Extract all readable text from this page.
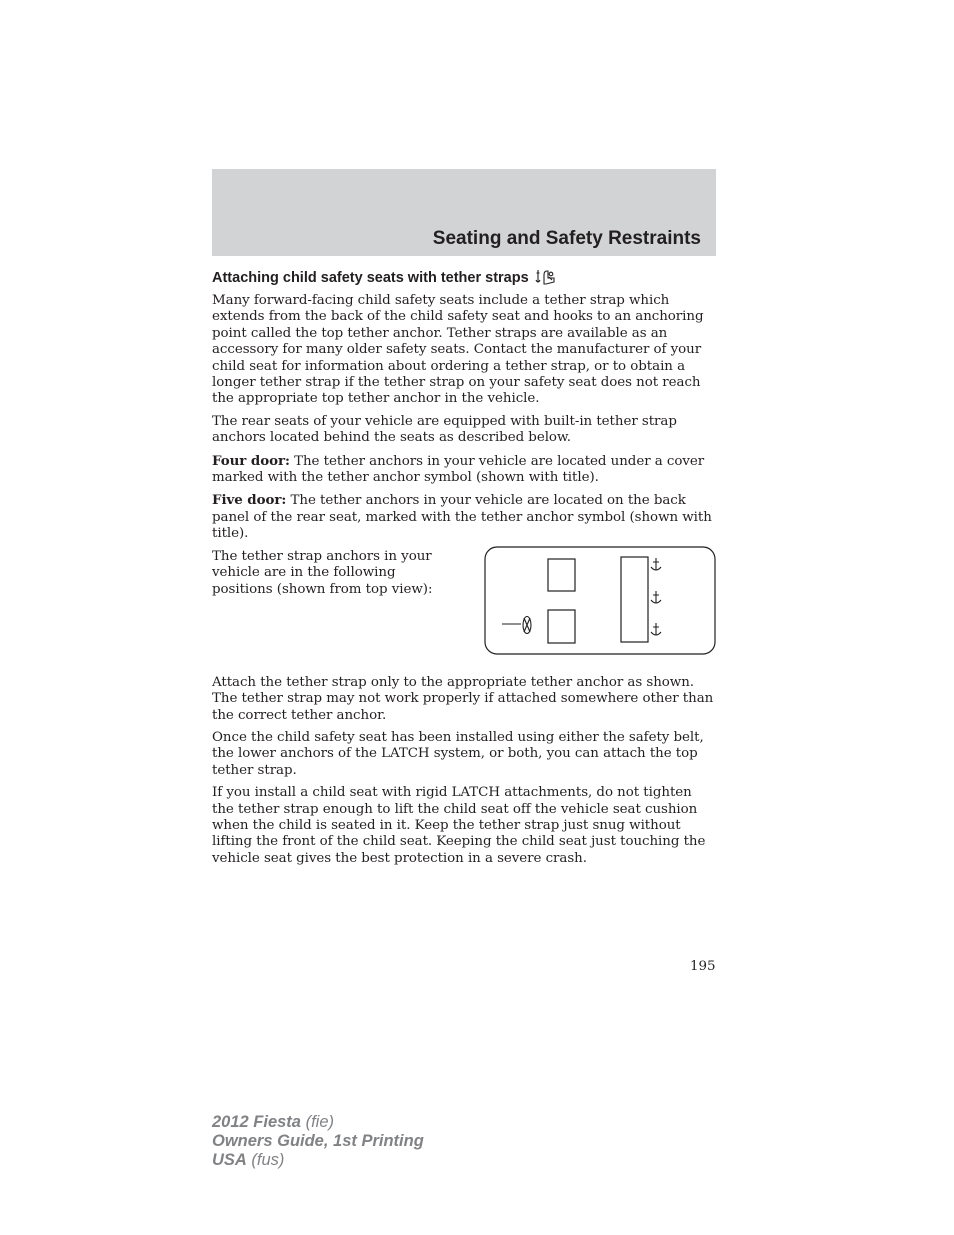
Seating and Safety Restraints
Attaching child safety seats with tether straps

Many forward-facing child safety seats include a tether strap which extends from the back of the child safety seat and hooks to an anchoring point called the top tether anchor. Tether straps are available as an accessory for many older safety seats. Contact the manufacturer of your child seat for information about ordering a tether strap, or to obtain a longer tether strap if the tether strap on your safety seat does not reach the appropriate top tether anchor in the vehicle.

The rear seats of your vehicle are equipped with built-in tether strap anchors located behind the seats as described below.

Four door: The tether anchors in your vehicle are located under a cover marked with the tether anchor symbol (shown with title).

Five door: The tether anchors in your vehicle are located on the back panel of the rear seat, marked with the tether anchor symbol (shown with title).

The tether strap anchors in your vehicle are in the following positions (shown from top view):

Attach the tether strap only to the appropriate tether anchor as shown. The tether strap may not work properly if attached somewhere other than the correct tether anchor.

Once the child safety seat has been installed using either the safety belt, the lower anchors of the LATCH system, or both, you can attach the top tether strap.

If you install a child seat with rigid LATCH attachments, do not tighten the tether strap enough to lift the child seat off the vehicle seat cushion when the child is seated in it. Keep the tether strap just snug without lifting the front of the child seat. Keeping the child seat just touching the vehicle seat gives the best protection in a severe crash.

195
2012 Fiesta (fie)
Owners Guide, 1st Printing
USA (fus)
